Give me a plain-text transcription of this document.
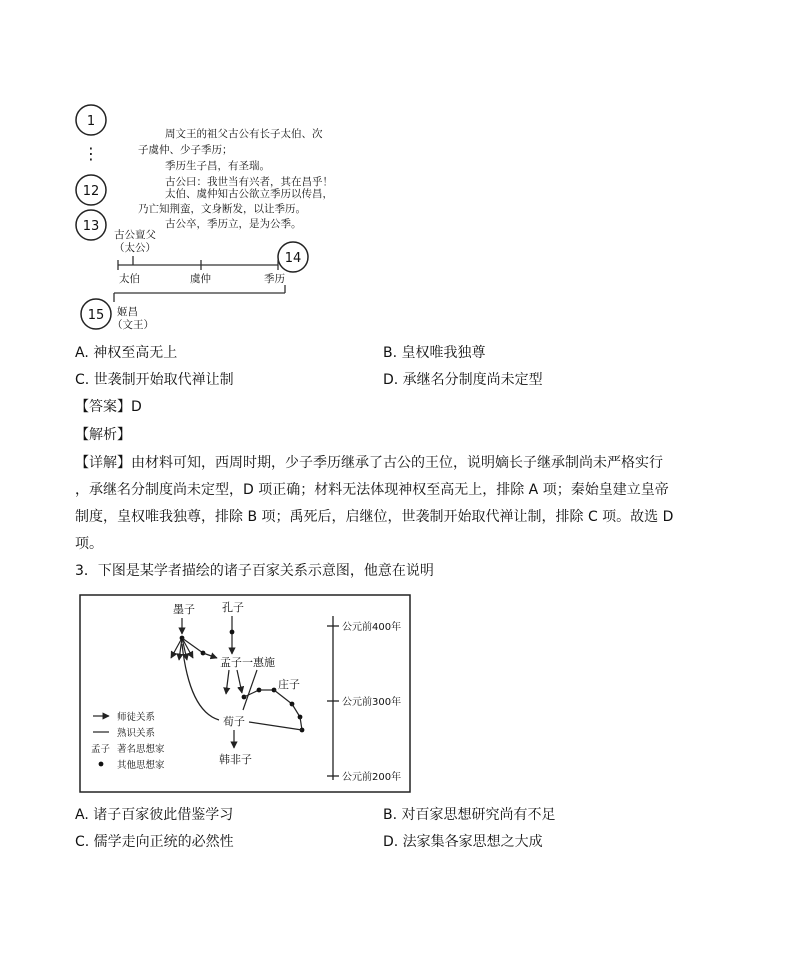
1
⋮
12
13
14
15
周文王的祖父古公有长子太伯、次
子虞仲、少子季历；
季历生子昌，有圣瑞。
古公曰：我世当有兴者，其在昌乎！
太伯、虞仲知古公欲立季历以传昌，
乃亡知荆蛮，文身断发，以让季历。
古公卒，季历立，是为公季。
古公亶父
（太公）
太伯	虞仲	季历
姬昌
（文王）
A. 神权至高无上	B. 皇权唯我独尊
C. 世袭制开始取代禅让制	D. 承继名分制度尚未定型
【答案】D
【解析】
【详解】由材料可知，西周时期，少子季历继承了古公的王位，说明嫡长子继承制尚未严格实行
，承继名分制度尚未定型，D 项正确；材料无法体现神权至高无上，排除 A 项；秦始皇建立皇帝
制度，皇权唯我独尊，排除 B 项；禹死后，启继位，世袭制开始取代禅让制，排除 C 项。故选 D
项。
3．下图是某学者描绘的诸子百家关系示意图，他意在说明
公元前400年
公元前300年
公元前200年
墨子 孔子
孟子 一惠施
庄子
荀子
韩非子
师徒关系
熟识关系
孟子 著名思想家
其他思想家
A. 诸子百家彼此借鉴学习	B. 对百家思想研究尚有不足
C. 儒学走向正统的必然性	D. 法家集各家思想之大成
